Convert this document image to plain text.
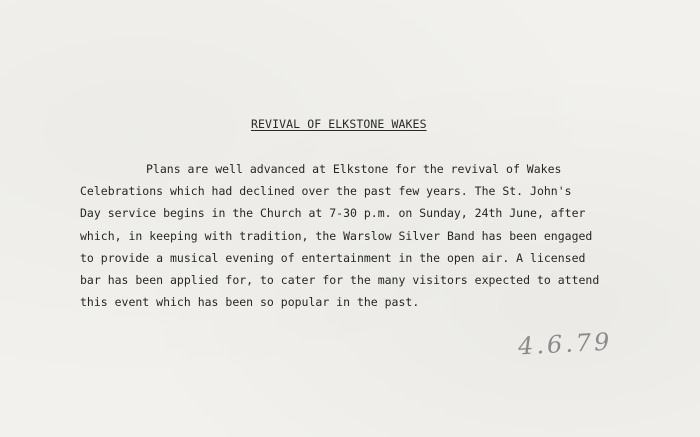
REVIVAL OF ELKSTONE WAKES
Plans are well advanced at Elkstone for the revival of Wakes
Celebrations which had declined over the past few years. The St. John's
Day service begins in the Church at 7-30 p.m. on Sunday, 24th June, after
which, in keeping with tradition, the Warslow Silver Band has been engaged
to provide a musical evening of entertainment in the open air. A licensed
bar has been applied for, to cater for the many visitors expected to attend
this event which has been so popular in the past.
4.6.79
